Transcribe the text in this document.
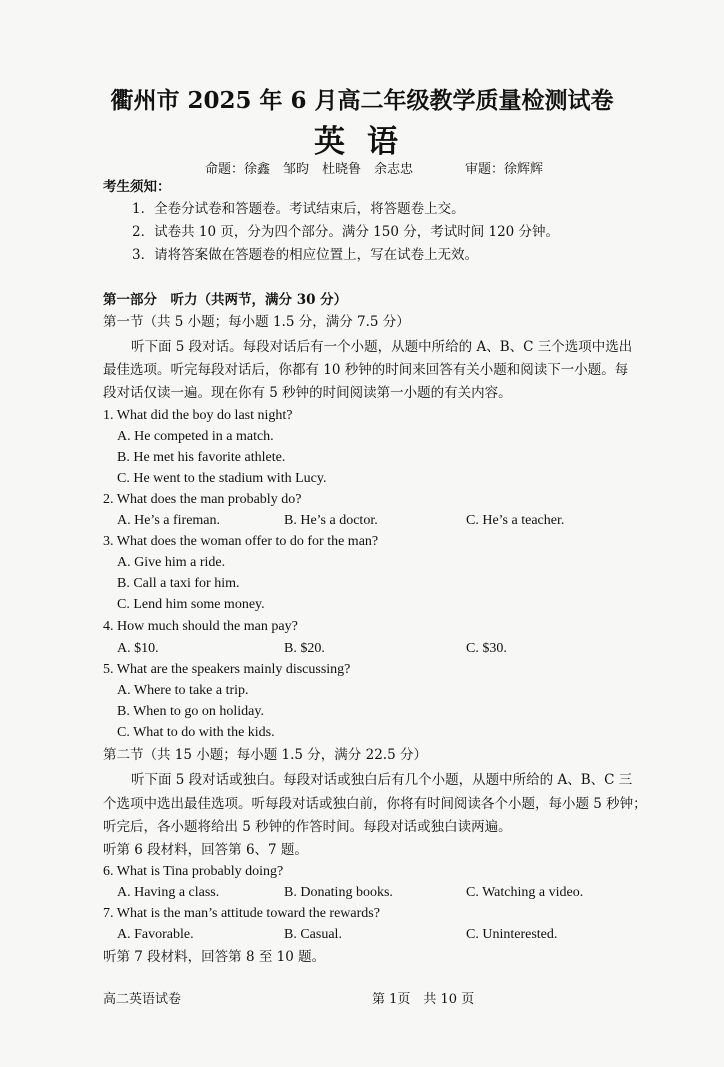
衢州市 2025 年 6 月高二年级教学质量检测试卷
英语
命题：徐鑫　邹昀　杜晓鲁　余志忠　　　　审题：徐辉辉
考生须知：
1．全卷分试卷和答题卷。考试结束后，将答题卷上交。
2．试卷共 10 页，分为四个部分。满分 150 分，考试时间 120 分钟。
3．请将答案做在答题卷的相应位置上，写在试卷上无效。
第一部分　听力（共两节，满分 30 分）
第一节（共 5 小题；每小题 1.5 分，满分 7.5 分）
听下面 5 段对话。每段对话后有一个小题，从题中所给的 A、B、C 三个选项中选出
最佳选项。听完每段对话后，你都有 10 秒钟的时间来回答有关小题和阅读下一小题。每
段对话仅读一遍。现在你有 5 秒钟的时间阅读第一小题的有关内容。
1. What did the boy do last night?
A. He competed in a match.
B. He met his favorite athlete.
C. He went to the stadium with Lucy.
2. What does the man probably do?
A. He’s a fireman.	B. He’s a doctor.	C. He’s a teacher.
3. What does the woman offer to do for the man?
A. Give him a ride.
B. Call a taxi for him.
C. Lend him some money.
4. How much should the man pay?
A. $10.	B. $20.	C. $30.
5. What are the speakers mainly discussing?
A. Where to take a trip.
B. When to go on holiday.
C. What to do with the kids.
第二节（共 15 小题；每小题 1.5 分，满分 22.5 分）
听下面 5 段对话或独白。每段对话或独白后有几个小题，从题中所给的 A、B、C 三
个选项中选出最佳选项。听每段对话或独白前，你将有时间阅读各个小题，每小题 5 秒钟；
听完后，各小题将给出 5 秒钟的作答时间。每段对话或独白读两遍。
听第 6 段材料，回答第 6、7 题。
6. What is Tina probably doing?
A. Having a class.	B. Donating books.	C. Watching a video.
7. What is the man’s attitude toward the rewards?
A. Favorable.	B. Casual.	C. Uninterested.
听第 7 段材料，回答第 8 至 10 题。
高二英语试卷	第 1页　共 10 页
